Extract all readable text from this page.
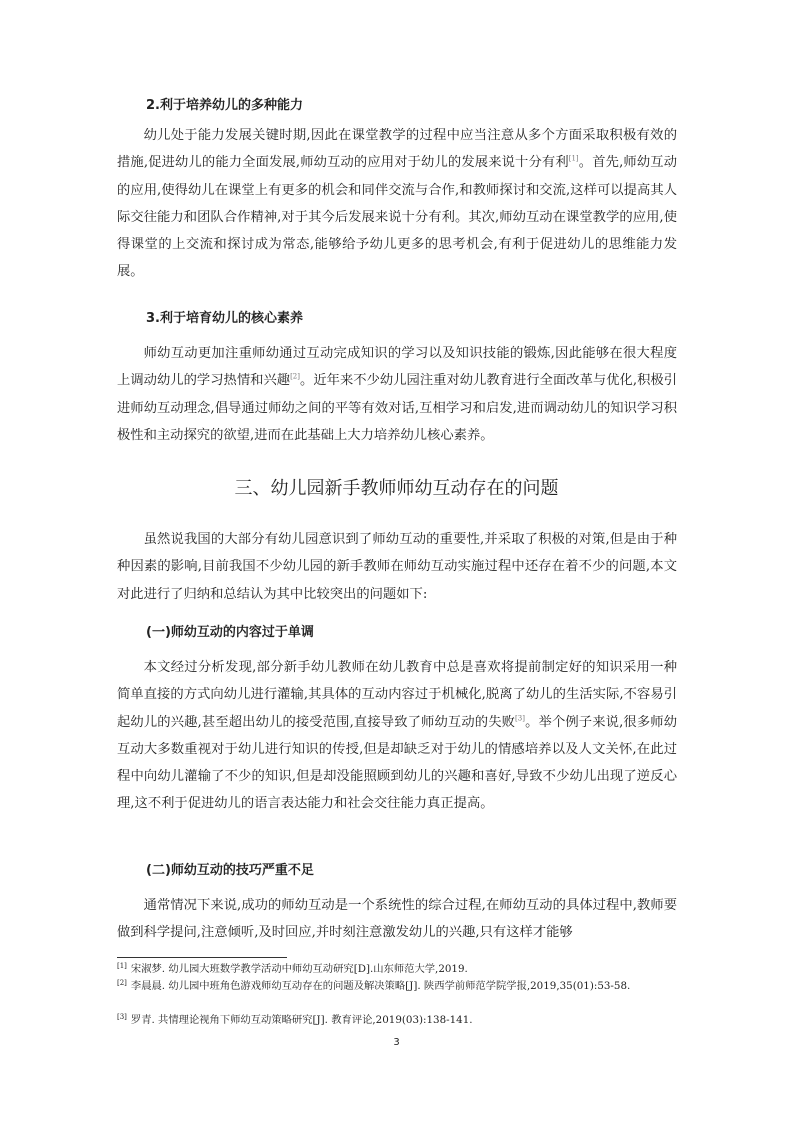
2.利于培养幼儿的多种能力

幼儿处于能力发展关键时期,因此在课堂教学的过程中应当注意从多个方面采取积极有效的措施,促进幼儿的能力全面发展,师幼互动的应用对于幼儿的发展来说十分有利[1]。首先,师幼互动的应用,使得幼儿在课堂上有更多的机会和同伴交流与合作,和教师探讨和交流,这样可以提高其人际交往能力和团队合作精神,对于其今后发展来说十分有利。其次,师幼互动在课堂教学的应用,使得课堂的上交流和探讨成为常态,能够给予幼儿更多的思考机会,有利于促进幼儿的思维能力发展。

3.利于培育幼儿的核心素养

师幼互动更加注重师幼通过互动完成知识的学习以及知识技能的锻炼,因此能够在很大程度上调动幼儿的学习热情和兴趣[2]。近年来不少幼儿园注重对幼儿教育进行全面改革与优化,积极引进师幼互动理念,倡导通过师幼之间的平等有效对话,互相学习和启发,进而调动幼儿的知识学习积极性和主动探究的欲望,进而在此基础上大力培养幼儿核心素养。

三、幼儿园新手教师师幼互动存在的问题

虽然说我国的大部分有幼儿园意识到了师幼互动的重要性,并采取了积极的对策,但是由于种种因素的影响,目前我国不少幼儿园的新手教师在师幼互动实施过程中还存在着不少的问题,本文对此进行了归纳和总结认为其中比较突出的问题如下:

(一)师幼互动的内容过于单调

本文经过分析发现,部分新手幼儿教师在幼儿教育中总是喜欢将提前制定好的知识采用一种简单直接的方式向幼儿进行灌输,其具体的互动内容过于机械化,脱离了幼儿的生活实际,不容易引起幼儿的兴趣,甚至超出幼儿的接受范围,直接导致了师幼互动的失败[3]。举个例子来说,很多师幼互动大多数重视对于幼儿进行知识的传授,但是却缺乏对于幼儿的情感培养以及人文关怀,在此过程中向幼儿灌输了不少的知识,但是却没能照顾到幼儿的兴趣和喜好,导致不少幼儿出现了逆反心理,这不利于促进幼儿的语言表达能力和社会交往能力真正提高。

(二)师幼互动的技巧严重不足

通常情况下来说,成功的师幼互动是一个系统性的综合过程,在师幼互动的具体过程中,教师要做到科学提问,注意倾听,及时回应,并时刻注意激发幼儿的兴趣,只有这样才能够

[1] 宋淑梦. 幼儿园大班数学教学活动中师幼互动研究[D].山东师范大学,2019.

[2] 李晨晨. 幼儿园中班角色游戏师幼互动存在的问题及解决策略[J]. 陕西学前师范学院学报,2019,35(01):53-58.

[3] 罗青. 共情理论视角下师幼互动策略研究[J]. 教育评论,2019(03):138-141.

3
